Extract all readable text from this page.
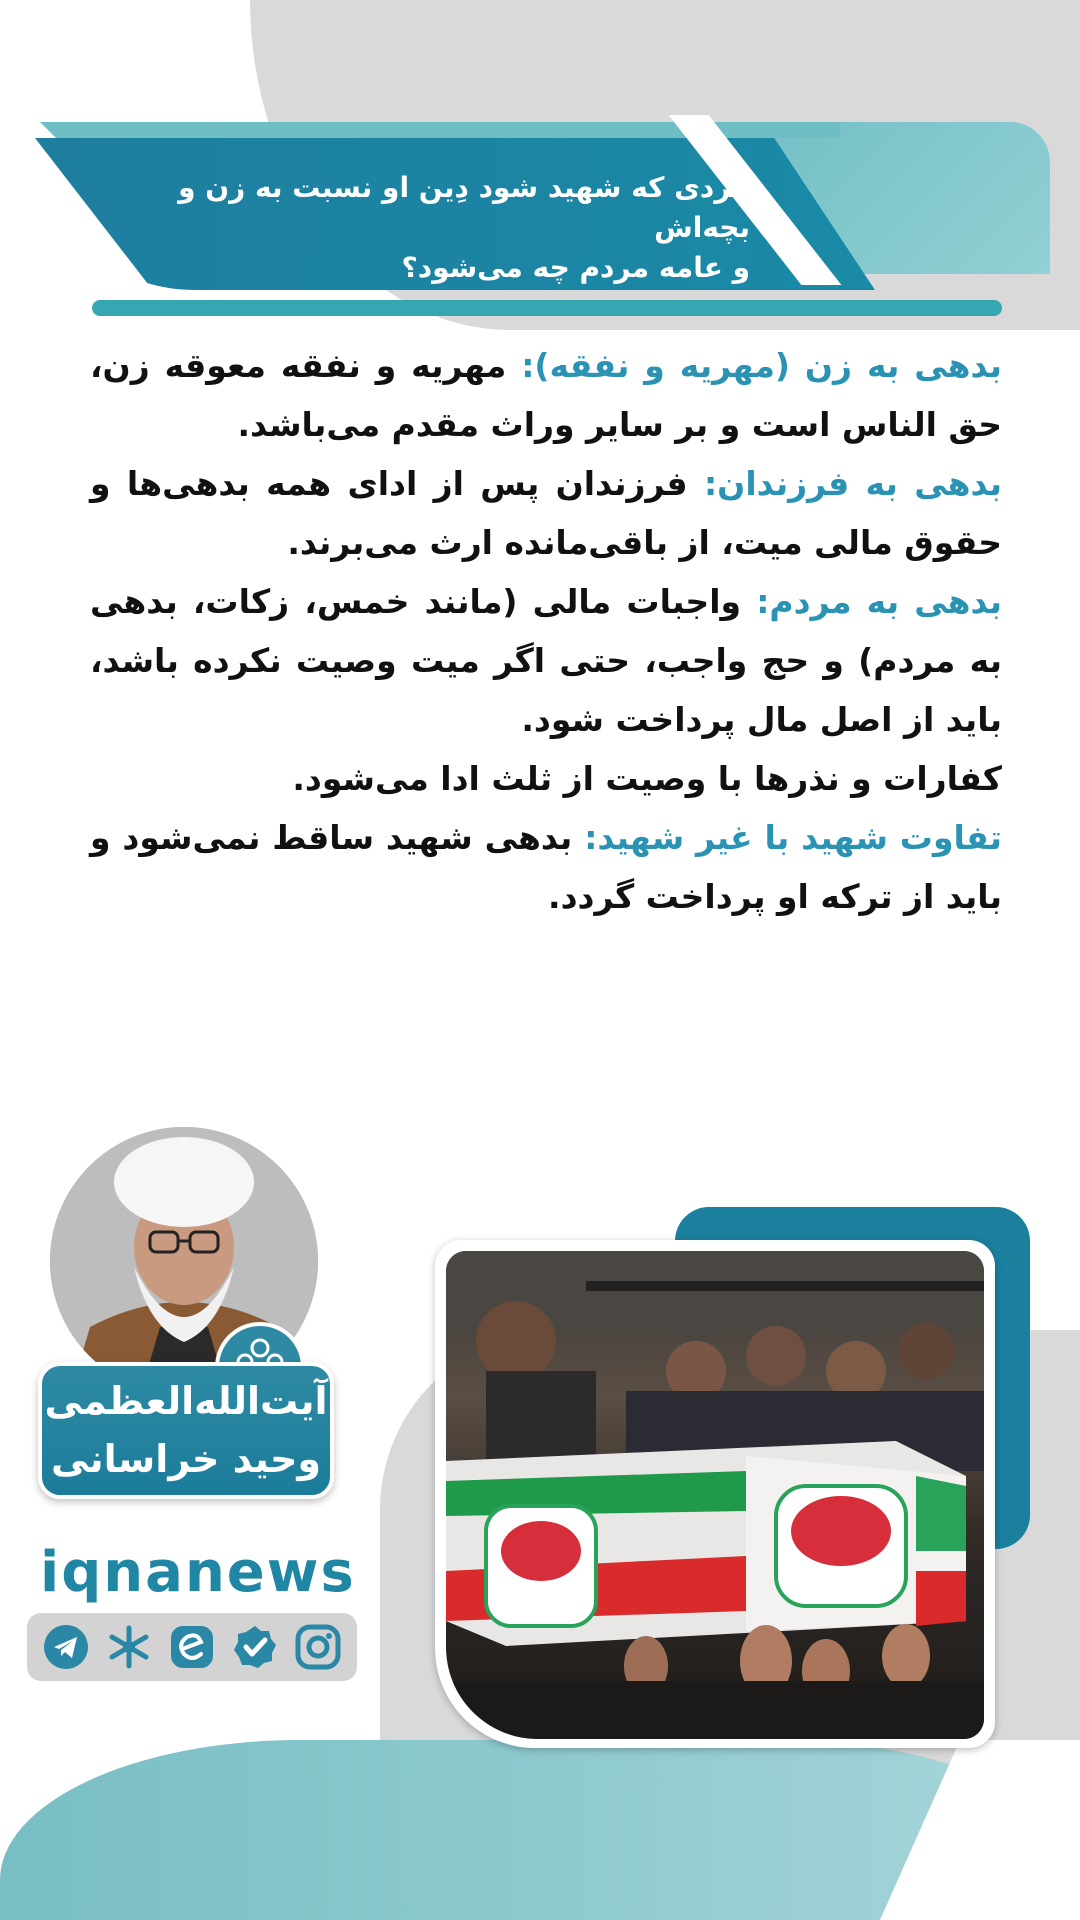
فردی که شهید شود دِین او نسبت به زن و بچه‌اش
و عامه مردم چه می‌شود؟

بدهی به زن (مهریه و نفقه): مهریه و نفقه معوقه زن، حق الناس است و بر سایر وراث مقدم می‌باشد.

بدهی به فرزندان: فرزندان پس از ادای همه بدهی‌ها و حقوق مالی میت، از باقی‌مانده ارث می‌برند.

بدهی به مردم: واجبات مالی (مانند خمس، زکات، بدهی به مردم) و حج واجب، حتی اگر میت وصیت نکرده باشد، باید از اصل مال پرداخت شود.

کفارات و نذرها با وصیت از ثلث ادا می‌شود.

تفاوت شهید با غیر شهید: بدهی شهید ساقط نمی‌شود و باید از ترکه او پرداخت گردد.

آیت‌الله‌العظمی
وحید خراسانی
iqnanews
